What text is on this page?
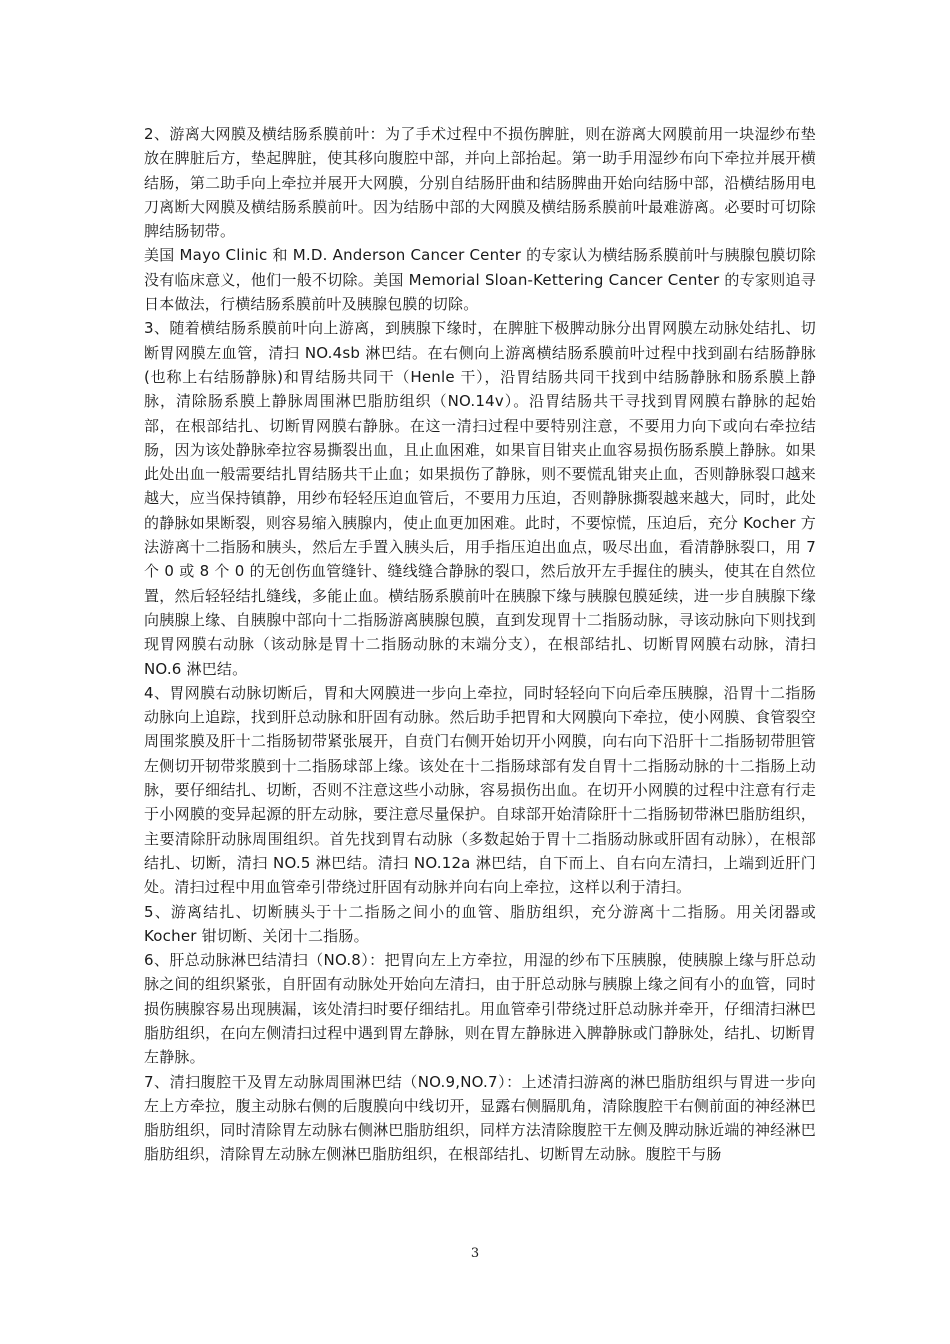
2、游离大网膜及横结肠系膜前叶：为了手术过程中不损伤脾脏，则在游离大网膜前用一块湿纱布垫放在脾脏后方，垫起脾脏，使其移向腹腔中部，并向上部抬起。第一助手用湿纱布向下牵拉并展开横结肠，第二助手向上牵拉并展开大网膜，分别自结肠肝曲和结肠脾曲开始向结肠中部，沿横结肠用电刀离断大网膜及横结肠系膜前叶。因为结肠中部的大网膜及横结肠系膜前叶最难游离。必要时可切除脾结肠韧带。

美国 Mayo Clinic 和 M.D. Anderson Cancer Center 的专家认为横结肠系膜前叶与胰腺包膜切除没有临床意义，他们一般不切除。美国 Memorial Sloan-Kettering Cancer Center 的专家则追寻日本做法，行横结肠系膜前叶及胰腺包膜的切除。

3、随着横结肠系膜前叶向上游离，到胰腺下缘时，在脾脏下极脾动脉分出胃网膜左动脉处结扎、切断胃网膜左血管，清扫 NO.4sb 淋巴结。在右侧向上游离横结肠系膜前叶过程中找到副右结肠静脉(也称上右结肠静脉)和胃结肠共同干（Henle 干），沿胃结肠共同干找到中结肠静脉和肠系膜上静脉，清除肠系膜上静脉周围淋巴脂肪组织（NO.14v）。沿胃结肠共干寻找到胃网膜右静脉的起始部，在根部结扎、切断胃网膜右静脉。在这一清扫过程中要特别注意，不要用力向下或向右牵拉结肠，因为该处静脉牵拉容易撕裂出血，且止血困难，如果盲目钳夹止血容易损伤肠系膜上静脉。如果此处出血一般需要结扎胃结肠共干止血；如果损伤了静脉，则不要慌乱钳夹止血，否则静脉裂口越来越大，应当保持镇静，用纱布轻轻压迫血管后，不要用力压迫，否则静脉撕裂越来越大，同时，此处的静脉如果断裂，则容易缩入胰腺内，使止血更加困难。此时，不要惊慌，压迫后，充分 Kocher 方法游离十二指肠和胰头，然后左手置入胰头后，用手指压迫出血点，吸尽出血，看清静脉裂口，用 7 个 0 或 8 个 0 的无创伤血管缝针、缝线缝合静脉的裂口，然后放开左手握住的胰头，使其在自然位置，然后轻轻结扎缝线，多能止血。横结肠系膜前叶在胰腺下缘与胰腺包膜延续，进一步自胰腺下缘向胰腺上缘、自胰腺中部向十二指肠游离胰腺包膜，直到发现胃十二指肠动脉，寻该动脉向下则找到现胃网膜右动脉（该动脉是胃十二指肠动脉的末端分支），在根部结扎、切断胃网膜右动脉，清扫 NO.6 淋巴结。

4、胃网膜右动脉切断后，胃和大网膜进一步向上牵拉，同时轻轻向下向后牵压胰腺，沿胃十二指肠动脉向上追踪，找到肝总动脉和肝固有动脉。然后助手把胃和大网膜向下牵拉，使小网膜、食管裂空周围浆膜及肝十二指肠韧带紧张展开，自贲门右侧开始切开小网膜，向右向下沿肝十二指肠韧带胆管左侧切开韧带浆膜到十二指肠球部上缘。该处在十二指肠球部有发自胃十二指肠动脉的十二指肠上动脉，要仔细结扎、切断，否则不注意这些小动脉，容易损伤出血。在切开小网膜的过程中注意有行走于小网膜的变异起源的肝左动脉，要注意尽量保护。自球部开始清除肝十二指肠韧带淋巴脂肪组织，主要清除肝动脉周围组织。首先找到胃右动脉（多数起始于胃十二指肠动脉或肝固有动脉），在根部结扎、切断，清扫 NO.5 淋巴结。清扫 NO.12a 淋巴结，自下而上、自右向左清扫，上端到近肝门处。清扫过程中用血管牵引带绕过肝固有动脉并向右向上牵拉，这样以利于清扫。

5、游离结扎、切断胰头于十二指肠之间小的血管、脂肪组织，充分游离十二指肠。用关闭器或 Kocher 钳切断、关闭十二指肠。

6、肝总动脉淋巴结清扫（NO.8）：把胃向左上方牵拉，用湿的纱布下压胰腺，使胰腺上缘与肝总动脉之间的组织紧张，自肝固有动脉处开始向左清扫，由于肝总动脉与胰腺上缘之间有小的血管，同时损伤胰腺容易出现胰漏，该处清扫时要仔细结扎。用血管牵引带绕过肝总动脉并牵开，仔细清扫淋巴脂肪组织，在向左侧清扫过程中遇到胃左静脉，则在胃左静脉进入脾静脉或门静脉处，结扎、切断胃左静脉。

7、清扫腹腔干及胃左动脉周围淋巴结（NO.9,NO.7）：上述清扫游离的淋巴脂肪组织与胃进一步向左上方牵拉，腹主动脉右侧的后腹膜向中线切开，显露右侧膈肌角，清除腹腔干右侧前面的神经淋巴脂肪组织，同时清除胃左动脉右侧淋巴脂肪组织，同样方法清除腹腔干左侧及脾动脉近端的神经淋巴脂肪组织，清除胃左动脉左侧淋巴脂肪组织，在根部结扎、切断胃左动脉。腹腔干与肠

3
